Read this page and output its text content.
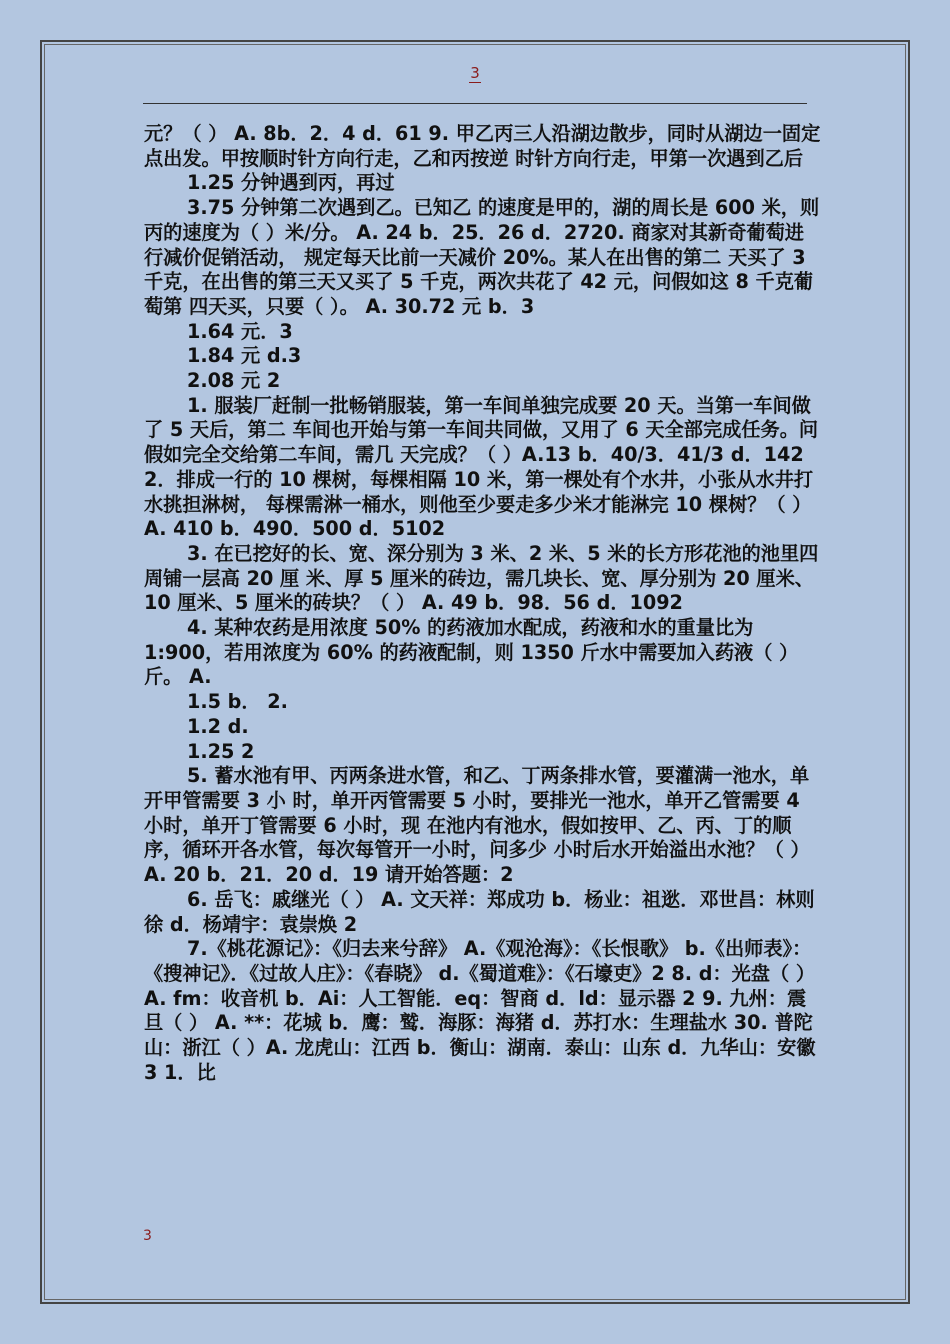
3

元？（ ） A. 8b．2．4 d．61 9. 甲乙丙三人沿湖边散步，同时从湖边一固定点出发。甲按顺时针方向行走，乙和丙按逆 时针方向行走，甲第一次遇到乙后

1.25 分钟遇到丙，再过

3.75 分钟第二次遇到乙。已知乙 的速度是甲的，湖的周长是 600 米，则丙的速度为（ ）米/分。 A. 24 b．25．26 d．2720. 商家对其新奇葡萄进行减价促销活动， 规定每天比前一天减价 20%。某人在出售的第二 天买了 3 千克，在出售的第三天又买了 5 千克，两次共花了 42 元，问假如这 8 千克葡萄第 四天买，只要（ ）。 A. 30.72 元 b．3

1.64 元．3

1.84 元 d.3

2.08 元 2

1. 服装厂赶制一批畅销服装，第一车间单独完成要 20 天。当第一车间做了 5 天后，第二 车间也开始与第一车间共同做，又用了 6 天全部完成任务。问假如完全交给第二车间，需几 天完成？（ ）A.13 b．40/3．41/3 d．142 2．排成一行的 10 棵树，每棵相隔 10 米，第一棵处有个水井，小张从水井打水挑担淋树， 每棵需淋一桶水，则他至少要走多少米才能淋完 10 棵树？（ ）A. 410 b．490．500 d．5102

3. 在已挖好的长、宽、深分别为 3 米、2 米、5 米的长方形花池的池里四周铺一层高 20 厘 米、厚 5 厘米的砖边，需几块长、宽、厚分别为 20 厘米、10 厘米、5 厘米的砖块？（ ） A. 49 b．98．56 d．1092

4. 某种农药是用浓度 50% 的药液加水配成，药液和水的重量比为 1:900，若用浓度为 60% 的药液配制，则 1350 斤水中需要加入药液（ ）斤。 A.

1.5 b． 2.

1.2 d.

1.25 2

5. 蓄水池有甲、丙两条进水管，和乙、丁两条排水管，要灌满一池水，单开甲管需要 3 小 时，单开丙管需要 5 小时，要排光一池水，单开乙管需要 4 小时，单开丁管需要 6 小时，现 在池内有池水，假如按甲、乙、丙、丁的顺序，循环开各水管，每次每管开一小时，问多少 小时后水开始溢出水池？（ ） A. 20 b．21．20 d．19 请开始答题：2

6. 岳飞：戚继光（ ） A. 文天祥：郑成功 b．杨业：祖逖．邓世昌：林则徐 d．杨靖宇：袁崇焕 2

7.《桃花源记》：《归去来兮辞》 A.《观沧海》：《长恨歌》 b.《出师表》：《搜神记》．《过故人庄》：《春晓》 d.《蜀道难》：《石壕吏》2 8. d：光盘（ ） A. fm：收音机 b．Ai：人工智能．eq：智商 d．ld：显示器 2 9. 九州：震旦（ ） A. **：花城 b．鹰：鹫．海豚：海猪 d．苏打水：生理盐水 30. 普陀山：浙江（ ）A. 龙虎山：江西 b．衡山：湖南．泰山：山东 d．九华山：安徽 3 1．比

3
